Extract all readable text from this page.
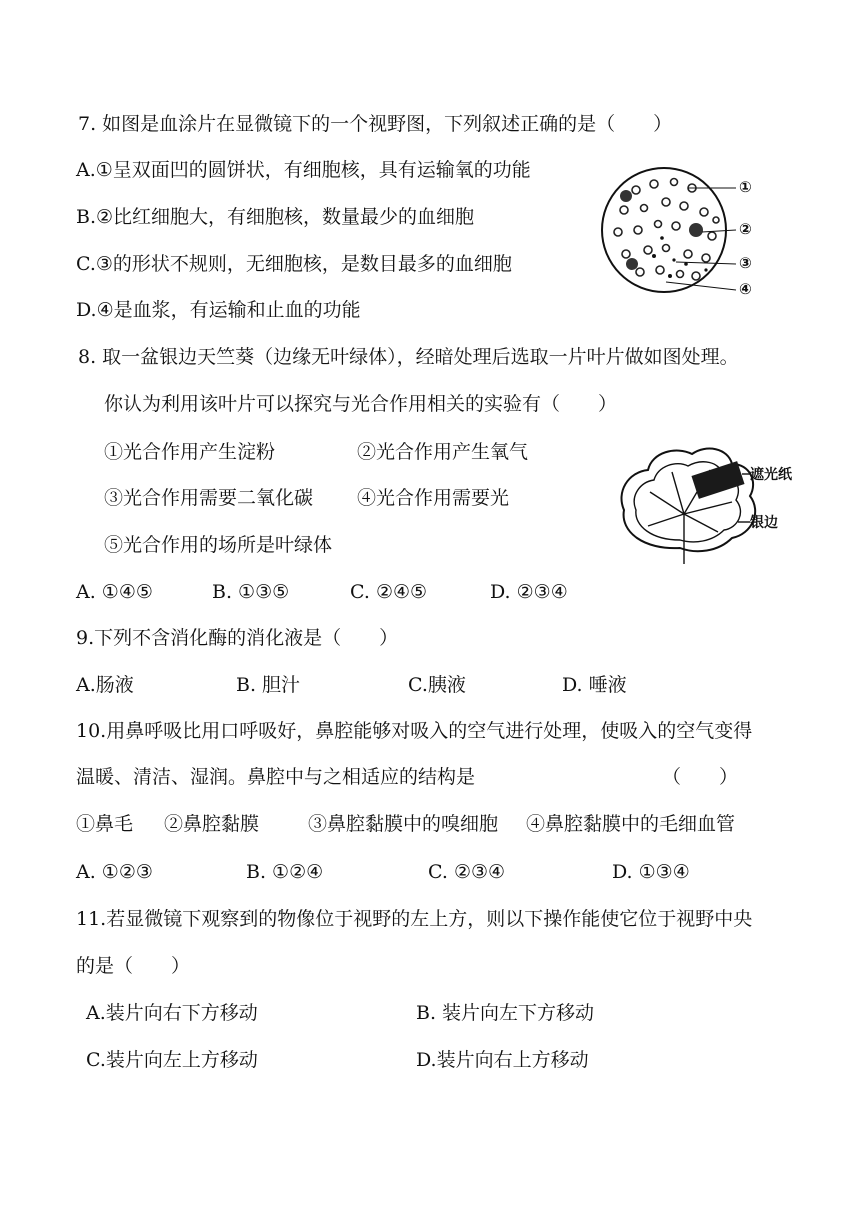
7. 如图是血涂片在显微镜下的一个视野图，下列叙述正确的是（　　）
A.①呈双面凹的圆饼状，有细胞核，具有运输氧的功能
B.②比红细胞大，有细胞核，数量最少的血细胞
C.③的形状不规则，无细胞核，是数目最多的血细胞
D.④是血浆，有运输和止血的功能
①
②
③
④
8. 取一盆银边天竺葵（边缘无叶绿体），经暗处理后选取一片叶片做如图处理。
你认为利用该叶片可以探究与光合作用相关的实验有（　　）
①光合作用产生淀粉	②光合作用产生氧气
③光合作用需要二氧化碳 ④光合作用需要光
⑤光合作用的场所是叶绿体
A. ①④⑤	B. ①③⑤	C. ②④⑤	D. ②③④
遮光纸
银边
9.下列不含消化酶的消化液是（　　）
A.肠液	B. 胆汁	C.胰液	D. 唾液
10.用鼻呼吸比用口呼吸好，鼻腔能够对吸入的空气进行处理，使吸入的空气变得
温暖、清洁、湿润。鼻腔中与之相适应的结构是	（　　）
①鼻毛 ②鼻腔黏膜	③鼻腔黏膜中的嗅细胞 ④鼻腔黏膜中的毛细血管
A. ①②③	B. ①②④	C. ②③④	D. ①③④
11.若显微镜下观察到的物像位于视野的左上方，则以下操作能使它位于视野中央
的是（　　）
A.装片向右下方移动	B. 装片向左下方移动
C.装片向左上方移动	D.装片向右上方移动
